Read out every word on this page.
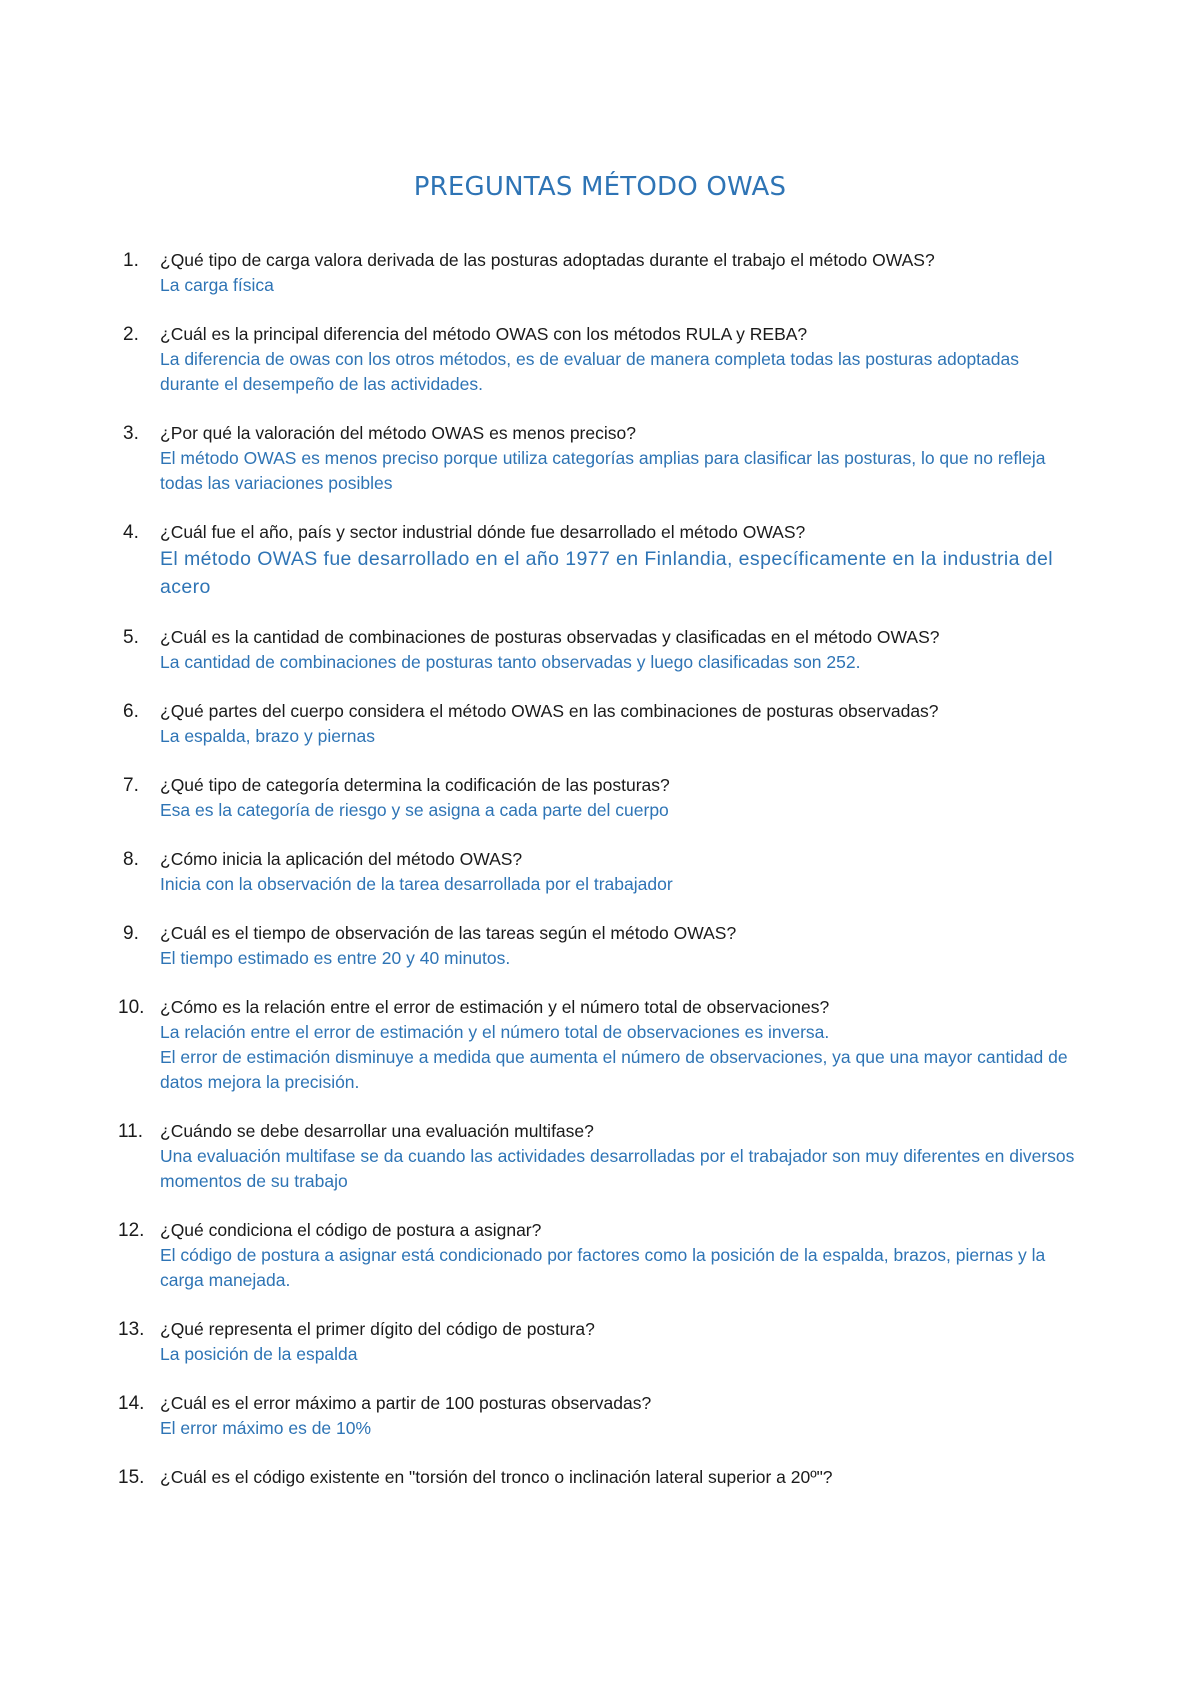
PREGUNTAS MÉTODO OWAS
1. ¿Qué tipo de carga valora derivada de las posturas adoptadas durante el trabajo el método OWAS?
La carga física
2. ¿Cuál es la principal diferencia del método OWAS con los métodos RULA y REBA?
La diferencia de owas con los otros métodos, es de evaluar de manera completa todas las posturas adoptadas durante el desempeño de las actividades.
3. ¿Por qué la valoración del método OWAS es menos preciso?
El método OWAS es menos preciso porque utiliza categorías amplias para clasificar las posturas, lo que no refleja todas las variaciones posibles
4. ¿Cuál fue el año, país y sector industrial dónde fue desarrollado el método OWAS?
El método OWAS fue desarrollado en el año 1977 en Finlandia, específicamente en la industria del acero
5. ¿Cuál es la cantidad de combinaciones de posturas observadas y clasificadas en el método OWAS?
La cantidad de combinaciones de posturas tanto observadas y luego clasificadas son 252.
6. ¿Qué partes del cuerpo considera el método OWAS en las combinaciones de posturas observadas?
La espalda, brazo y piernas
7. ¿Qué tipo de categoría determina la codificación de las posturas?
Esa es la categoría de riesgo y se asigna a cada parte del cuerpo
8. ¿Cómo inicia la aplicación del método OWAS?
Inicia con la observación de la tarea desarrollada por el trabajador
9. ¿Cuál es el tiempo de observación de las tareas según el método OWAS?
El tiempo estimado es entre 20 y 40 minutos.
10. ¿Cómo es la relación entre el error de estimación y el número total de observaciones?
La relación entre el error de estimación y el número total de observaciones es inversa.
El error de estimación disminuye a medida que aumenta el número de observaciones, ya que una mayor cantidad de datos mejora la precisión.
11. ¿Cuándo se debe desarrollar una evaluación multifase?
Una evaluación multifase se da cuando las actividades desarrolladas por el trabajador son muy diferentes en diversos momentos de su trabajo
12. ¿Qué condiciona el código de postura a asignar?
El código de postura a asignar está condicionado por factores como la posición de la espalda, brazos, piernas y la carga manejada.
13. ¿Qué representa el primer dígito del código de postura?
La posición de la espalda
14. ¿Cuál es el error máximo a partir de 100 posturas observadas?
El error máximo es de 10%
15. ¿Cuál es el código existente en "torsión del tronco o inclinación lateral superior a 20º"?
